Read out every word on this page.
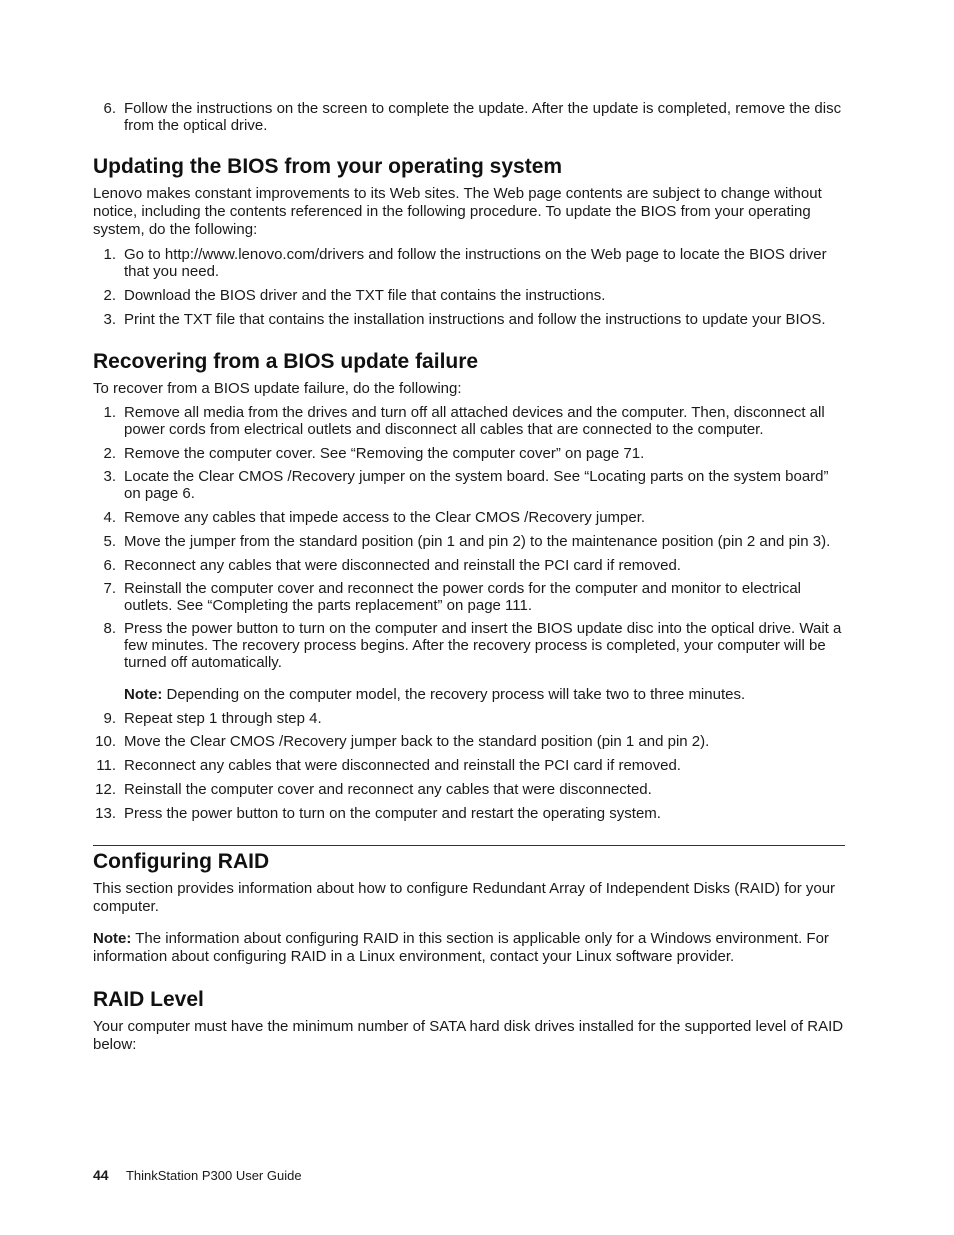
6. Follow the instructions on the screen to complete the update. After the update is completed, remove the disc from the optical drive.
Updating the BIOS from your operating system

Lenovo makes constant improvements to its Web sites. The Web page contents are subject to change without notice, including the contents referenced in the following procedure. To update the BIOS from your operating system, do the following:

1. Go to http://www.lenovo.com/drivers and follow the instructions on the Web page to locate the BIOS driver that you need.
2. Download the BIOS driver and the TXT file that contains the instructions.
3. Print the TXT file that contains the installation instructions and follow the instructions to update your BIOS.
Recovering from a BIOS update failure

To recover from a BIOS update failure, do the following:

1. Remove all media from the drives and turn off all attached devices and the computer. Then, disconnect all power cords from electrical outlets and disconnect all cables that are connected to the computer.
2. Remove the computer cover. See “Removing the computer cover” on page 71.
3. Locate the Clear CMOS /Recovery jumper on the system board. See “Locating parts on the system board” on page 6.
4. Remove any cables that impede access to the Clear CMOS /Recovery jumper.
5. Move the jumper from the standard position (pin 1 and pin 2) to the maintenance position (pin 2 and pin 3).
6. Reconnect any cables that were disconnected and reinstall the PCI card if removed.
7. Reinstall the computer cover and reconnect the power cords for the computer and monitor to electrical outlets. See “Completing the parts replacement” on page 111.
8. Press the power button to turn on the computer and insert the BIOS update disc into the optical drive. Wait a few minutes. The recovery process begins. After the recovery process is completed, your computer will be turned off automatically.

Note: Depending on the computer model, the recovery process will take two to three minutes.

9. Repeat step 1 through step 4.
10. Move the Clear CMOS /Recovery jumper back to the standard position (pin 1 and pin 2).
11. Reconnect any cables that were disconnected and reinstall the PCI card if removed.
12. Reinstall the computer cover and reconnect any cables that were disconnected.
13. Press the power button to turn on the computer and restart the operating system.
Configuring RAID

This section provides information about how to configure Redundant Array of Independent Disks (RAID) for your computer.

Note: The information about configuring RAID in this section is applicable only for a Windows environment. For information about configuring RAID in a Linux environment, contact your Linux software provider.

RAID Level

Your computer must have the minimum number of SATA hard disk drives installed for the supported level of RAID below:

44 ThinkStation P300 User Guide
